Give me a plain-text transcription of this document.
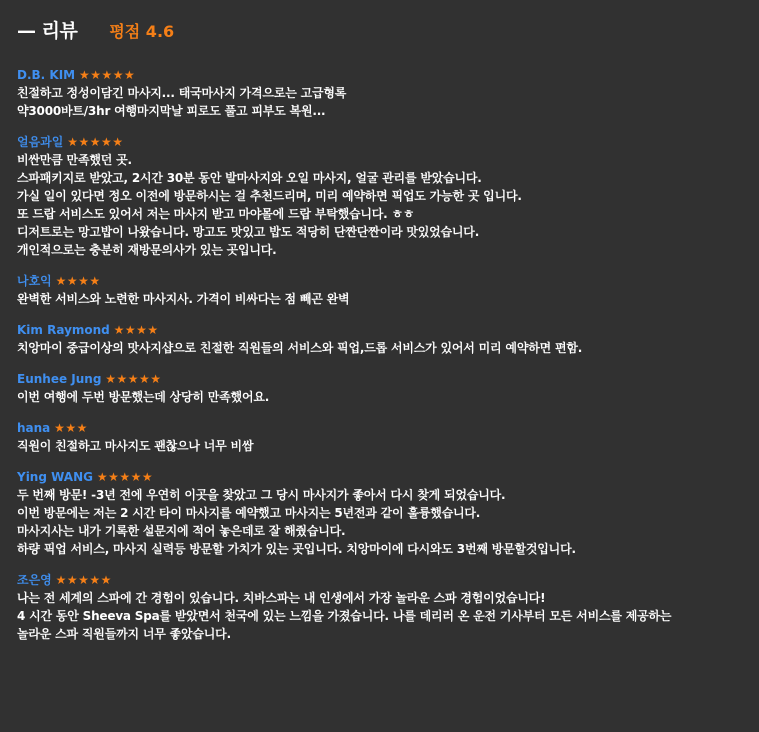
— 리뷰 평점 4.6
D.B. KIM ★★★★★
친절하고 정성이담긴 마사지... 태국마사지 가격으로는 고급형록
약3000바트/3hr 여행마지막날 피로도 풀고 피부도 복원...
얼음과일 ★★★★★
비싼만큼 만족했던 곳.
스파패키지로 받았고, 2시간 30분 동안 발마사지와 오일 마사지, 얼굴 관리를 받았습니다.
가실 일이 있다면 정오 이전에 방문하시는 걸 추천드리며, 미리 예약하면 픽업도 가능한 곳 입니다.
또 드랍 서비스도 있어서 저는 마사지 받고 마야몰에 드랍 부탁했습니다. ㅎㅎ
디저트로는 망고밥이 나왔습니다. 망고도 맛있고 밥도 적당히 단짠단짠이라 맛있었습니다.
개인적으로는 충분히 재방문의사가 있는 곳입니다.
나호익 ★★★★
완벽한 서비스와 노련한 마사지사. 가격이 비싸다는 점 빼곤 완벽
Kim Raymond ★★★★
치앙마이 중급이상의 맛사지샵으로 친절한 직원들의 서비스와 픽업,드롭 서비스가 있어서 미리 예약하면 편함.
Eunhee Jung ★★★★★
이번 여행에 두번 방문했는데 상당히 만족했어요.
hana ★★★
직원이 친절하고 마사지도 괜찮으나 너무 비쌈
Ying WANG ★★★★★
두 번째 방문! -3년 전에 우연히 이곳을 찾았고 그 당시 마사지가 좋아서 다시 찾게 되었습니다.
이번 방문에는 저는 2 시간 타이 마사지를 예약했고 마사지는 5년전과 같이 훌륭했습니다.
마사지사는 내가 기록한 설문지에 적어 놓은데로 잘 해줬습니다.
하량 픽업 서비스, 마사지 실력등 방문할 가치가 있는 곳입니다. 치앙마이에 다시와도 3번째 방문할것입니다.
조은영 ★★★★★
나는 전 세계의 스파에 간 경험이 있습니다. 치바스파는 내 인생에서 가장 놀라운 스파 경험이었습니다!
4 시간 동안 Sheeva Spa를 받았면서 천국에 있는 느낌을 가졌습니다. 나를 데리러 온 운전 기사부터 모든 서비스를 제공하는
놀라운 스파 직원들까지 너무 좋았습니다.
